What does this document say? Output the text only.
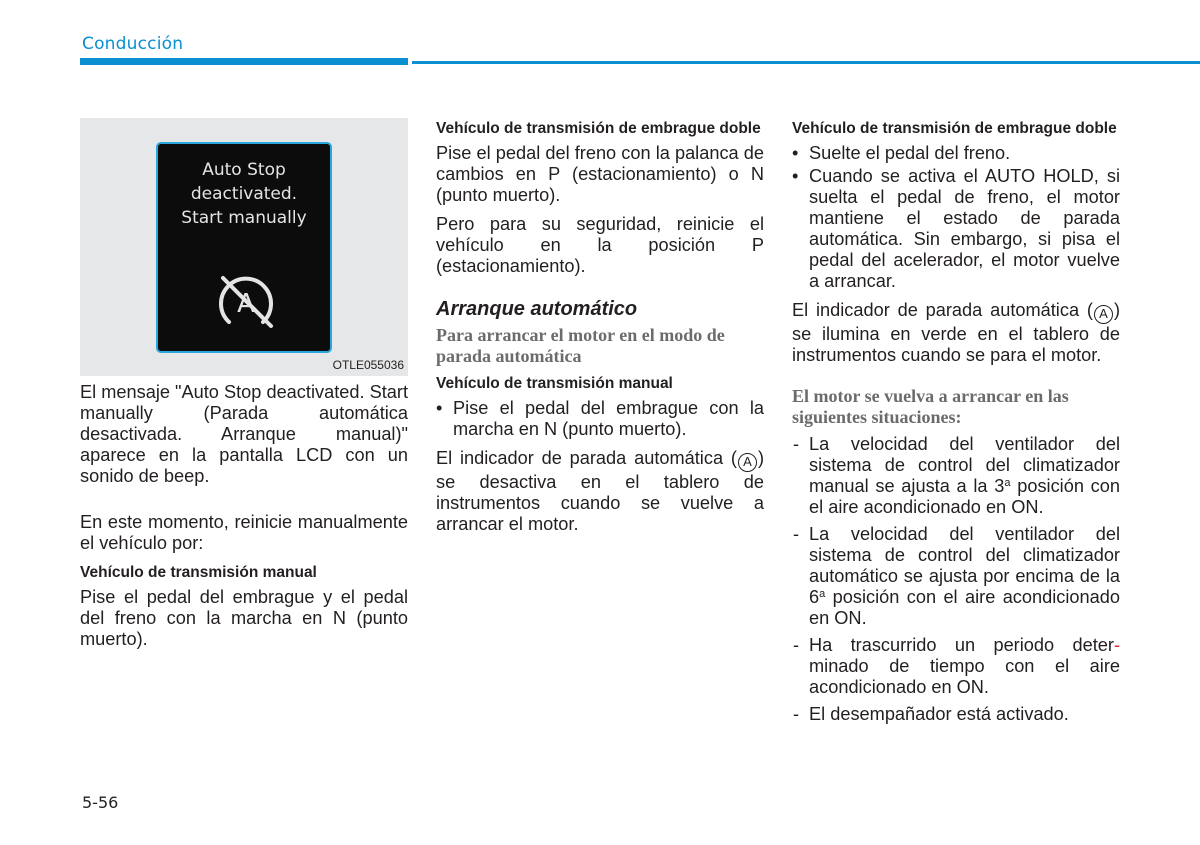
Conducción
Auto Stop
deactivated.
Start manually
A
OTLE055036

El mensaje "Auto Stop deactivated. Start manually (Parada automática desactivada. Arranque manual)" aparece en la pantalla LCD con un sonido de beep.

En este momento, reinicie manualmente el vehículo por:

Vehículo de transmisión manual

Pise el pedal del embrague y el pedal del freno con la marcha en N (punto muerto).

Vehículo de transmisión de embrague doble

Pise el pedal del freno con la palanca de cambios en P (estacionamiento) o N (punto muerto).

Pero para su seguridad, reinicie el vehículo en la posición P (estacionamiento).

Arranque automático
Para arrancar el motor en el modo de parada automática
Vehículo de transmisión manual
• Pise el pedal del embrague con la marcha en N (punto muerto).

El indicador de parada automática ( A ) se desactiva en el tablero de instrumentos cuando se vuelve a arrancar el motor.

Vehículo de transmisión de embrague doble
• Suelte el pedal del freno.
• Cuando se activa el AUTO HOLD, si suelta el pedal de freno, el motor mantiene el estado de parada automática. Sin embargo, si pisa el pedal del acelerador, el motor vuelve a arrancar.

El indicador de parada automática ( A ) se ilumina en verde en el tablero de instrumentos cuando se para el motor.

El motor se vuelva a arrancar en las siguientes situaciones:
- La velocidad del ventilador del sistema de control del climatizador manual se ajusta a la 3$^a$ posición con el aire acondicionado en ON.
- La velocidad del ventilador del sistema de control del climatizador automático se ajusta por encima de la 6$^a$ posición con el aire acondicionado en ON.
- Ha trascurrido un periodo deter-minado de tiempo con el aire acondicionado en ON.
- El desempañador está activado.
5-56
